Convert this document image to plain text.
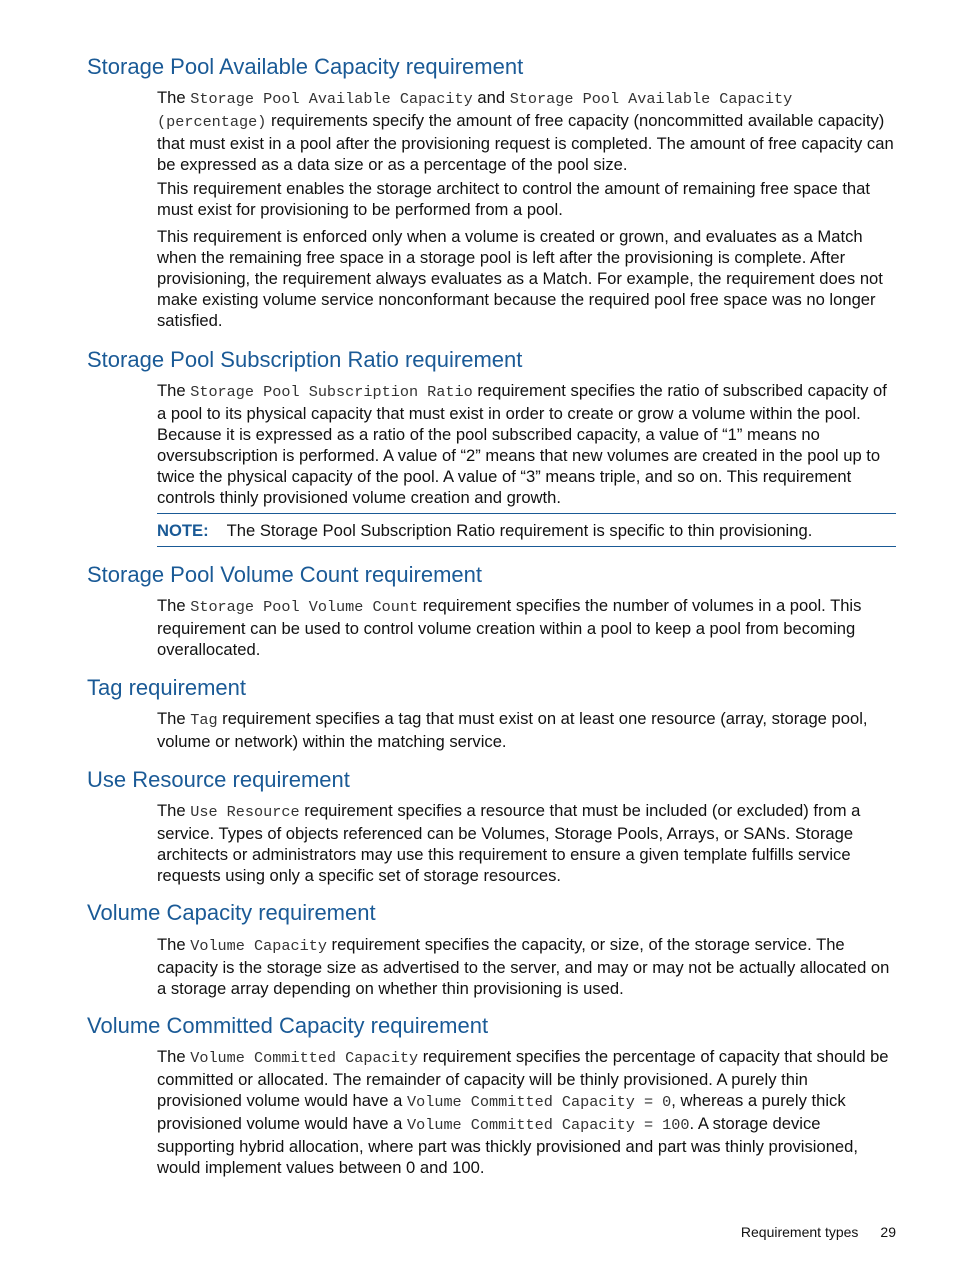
Storage Pool Available Capacity requirement

The Storage Pool Available Capacity and Storage Pool Available Capacity (percentage) requirements specify the amount of free capacity (noncommitted available capacity) that must exist in a pool after the provisioning request is completed. The amount of free capacity can be expressed as a data size or as a percentage of the pool size.

This requirement enables the storage architect to control the amount of remaining free space that must exist for provisioning to be performed from a pool.

This requirement is enforced only when a volume is created or grown, and evaluates as a Match when the remaining free space in a storage pool is left after the provisioning is complete. After provisioning, the requirement always evaluates as a Match. For example, the requirement does not make existing volume service nonconformant because the required pool free space was no longer satisfied.

Storage Pool Subscription Ratio requirement

The Storage Pool Subscription Ratio requirement specifies the ratio of subscribed capacity of a pool to its physical capacity that must exist in order to create or grow a volume within the pool. Because it is expressed as a ratio of the pool subscribed capacity, a value of “1” means no oversubscription is performed. A value of “2” means that new volumes are created in the pool up to twice the physical capacity of the pool. A value of “3” means triple, and so on. This requirement controls thinly provisioned volume creation and growth.

NOTE: The Storage Pool Subscription Ratio requirement is specific to thin provisioning.
Storage Pool Volume Count requirement

The Storage Pool Volume Count requirement specifies the number of volumes in a pool. This requirement can be used to control volume creation within a pool to keep a pool from becoming overallocated.

Tag requirement

The Tag requirement specifies a tag that must exist on at least one resource (array, storage pool, volume or network) within the matching service.

Use Resource requirement

The Use Resource requirement specifies a resource that must be included (or excluded) from a service. Types of objects referenced can be Volumes, Storage Pools, Arrays, or SANs. Storage architects or administrators may use this requirement to ensure a given template fulfills service requests using only a specific set of storage resources.

Volume Capacity requirement

The Volume Capacity requirement specifies the capacity, or size, of the storage service. The capacity is the storage size as advertised to the server, and may or may not be actually allocated on a storage array depending on whether thin provisioning is used.

Volume Committed Capacity requirement

The Volume Committed Capacity requirement specifies the percentage of capacity that should be committed or allocated. The remainder of capacity will be thinly provisioned. A purely thin provisioned volume would have a Volume Committed Capacity = 0, whereas a purely thick provisioned volume would have a Volume Committed Capacity = 100. A storage device supporting hybrid allocation, where part was thickly provisioned and part was thinly provisioned, would implement values between 0 and 100.

Requirement types 29
